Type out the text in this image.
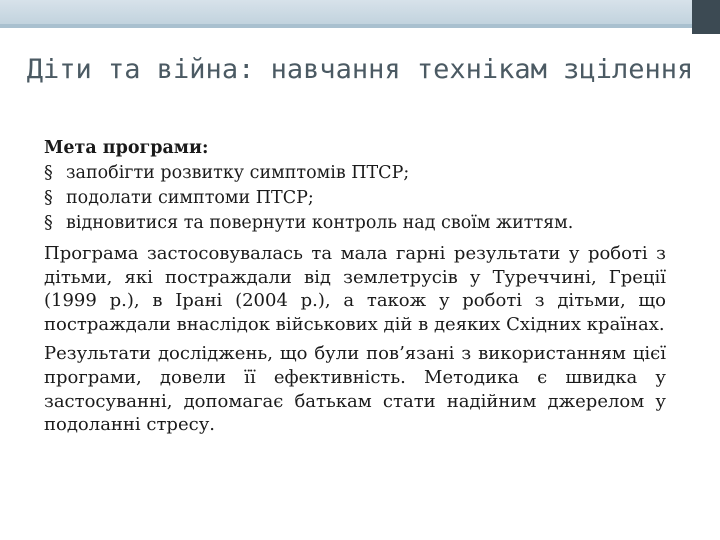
Діти та війна: навчання технікам зцілення

Мета програми:

§ запобігти розвитку симптомів ПТСР;
§ подолати симптоми ПТСР;
§ відновитися та повернути контроль над своїм життям.

Програма застосовувалась та мала гарні результати у роботі з дітьми, які постраждали від землетрусів у Туреччині, Греції (1999 р.), в Ірані (2004 р.), а також у роботі з дітьми, що постраждали внаслідок військових дій в деяких Східних країнах.

Результати досліджень, що були пов’язані з використанням цієї програми, довели її ефективність. Методика є швидка у застосуванні, допомагає батькам стати надійним джерелом у подоланні стресу.
